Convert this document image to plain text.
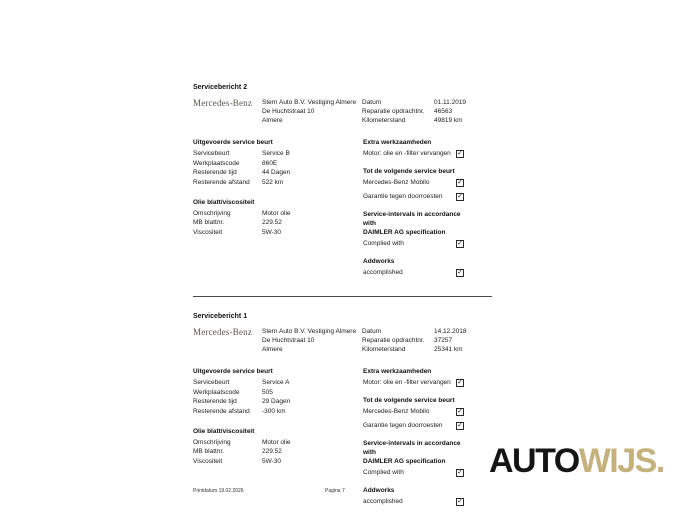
Servicebericht 2
Mercedes-Benz	Stern Auto B.V. Vestiging Almere
De Huchtstraat 10
Almere
Datum	01.11.2019
Reparatie opdrachtnr.	46563
Kilometerstand	49819 km
Uitgevoerde service beurt
Servicebeurt	Service B
Werkplaatscode	860E
Resterende tijd	44 Dagen
Resterende afstand	522 km
Olie blatt/viscositeit
Omschrijving	Motor olie
MB blattnr.	229.52
Viscositeit	5W-30
Extra werkzaamheden
Motor: olie en -filter vervangen ✓
Tot de volgende service beurt
Mercedes-Benz Mobilo	✓
Garantie tegen doorroesten ✓
Service-intervals in accordance with
DAIMLER AG specification
Complied with	✓
Addworks
accomplished	✓
Servicebericht 1
Mercedes-Benz	Stern Auto B.V. Vestiging Almere
De Huchtstraat 10
Almere
Datum	14.12.2018
Reparatie opdrachtnr.	37257
Kilometerstand	25341 km
Uitgevoerde service beurt
Servicebeurt	Service A
Werkplaatscode	505
Resterende tijd	29 Dagen
Resterende afstand	-300 km
Olie blatt/viscositeit
Omschrijving	Motor olie
MB blattnr.	229.52
Viscositeit	5W-30
Extra werkzaamheden
Motor: olie en -filter vervangen ✓
Tot de volgende service beurt
Mercedes-Benz Mobilo	✓
Garantie tegen doorroesten ✓
Service-intervals in accordance with
DAIMLER AG specification
Complied with	✓
Addworks
accomplished	✓
AUTOWIJS.
Printdatum 19.02.2026	Pagina 7
